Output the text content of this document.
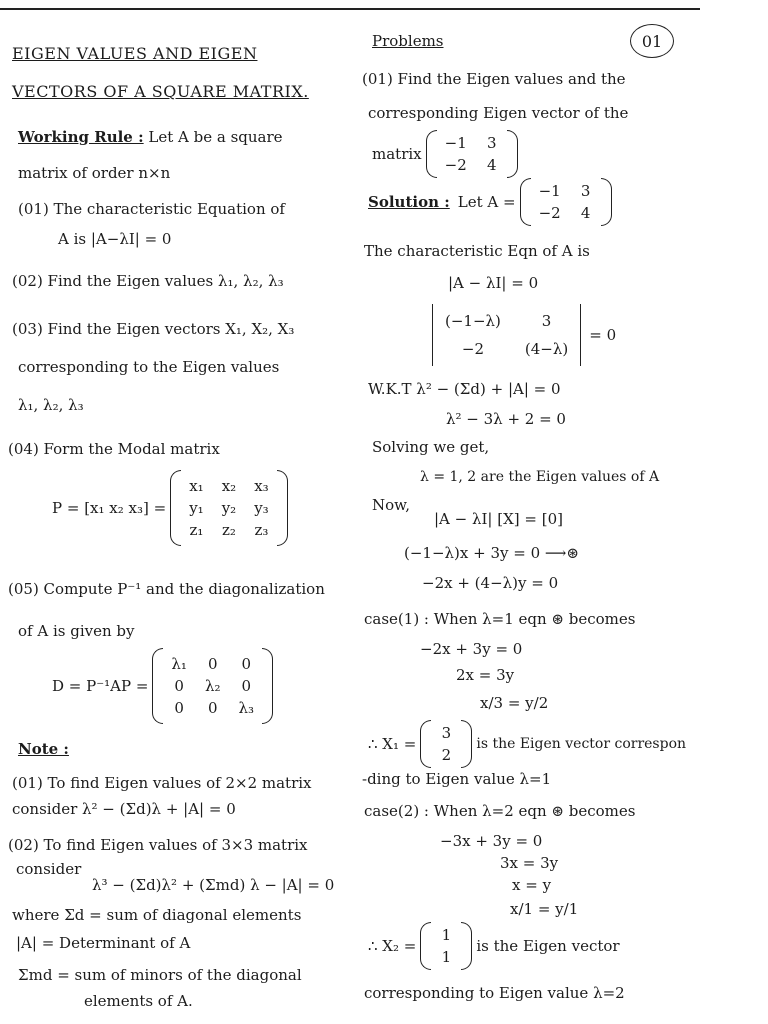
01
EIGEN VALUES AND EIGEN
VECTORS OF A SQUARE MATRIX.
Working Rule : Let A be a square
matrix of order n×n
(01) The characteristic Equation of
A is |A−λI| = 0
(02) Find the Eigen values λ₁, λ₂, λ₃
(03) Find the Eigen vectors X₁, X₂, X₃
corresponding to the Eigen values
λ₁, λ₂, λ₃
(04) Form the Modal matrix
P = [x₁ x₂ x₃] =
x₁ x₂ x₃
y₁ y₂ y₃
z₁ z₂ z₃
(05) Compute P⁻¹ and the diagonalization
of A is given by
D = P⁻¹AP =
λ₁ 0 0
0 λ₂ 0
0 0 λ₃
Note :
(01) To find Eigen values of 2×2 matrix
consider λ² − (Σd)λ + |A| = 0
(02) To find Eigen values of 3×3 matrix
consider
λ³ − (Σd)λ² + (Σmd) λ − |A| = 0
where Σd = sum of diagonal elements
|A| = Determinant of A
Σmd = sum of minors of the diagonal
elements of A.
Problems
(01) Find the Eigen values and the
corresponding Eigen vector of the
matrix
−1 3
−2 4
Solution : Let A =
−1 3
−2 4
The characteristic Eqn of A is
|A − λI| = 0
(−1−λ)	3
−2	(4−λ)
= 0
W.K.T λ² − (Σd) + |A| = 0
λ² − 3λ + 2 = 0
Solving we get,
λ = 1, 2 are the Eigen values of A
Now,
|A − λI| [X] = [0]
(−1−λ)x + 3y = 0 ⟶⊛
−2x + (4−λ)y = 0
case(1) : When λ=1 eqn ⊛ becomes
−2x + 3y = 0
2x = 3y
x/3 = y/2
∴ X₁ =
3
2
is the Eigen vector correspon
-ding to Eigen value λ=1
case(2) : When λ=2 eqn ⊛ becomes
−3x + 3y = 0
3x = 3y
x = y
x/1 = y/1
∴ X₂ =
1
1
is the Eigen vector
corresponding to Eigen value λ=2
